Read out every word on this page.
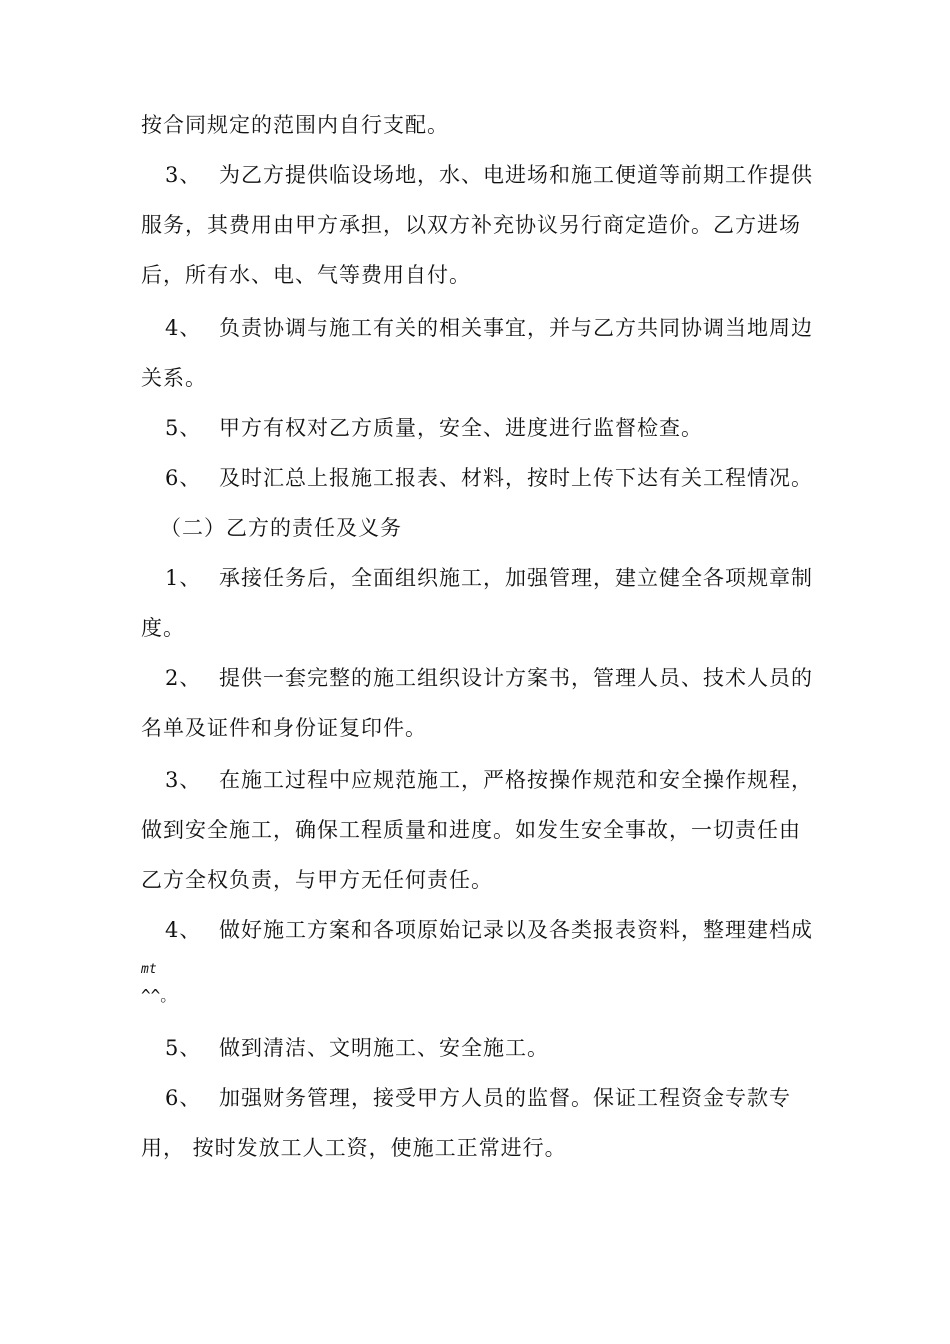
按合同规定的范围内自行支配。
3、 为乙方提供临设场地，水、电进场和施工便道等前期工作提供
服务，其费用由甲方承担，以双方补充协议另行商定造价。乙方进场
后，所有水、电、气等费用自付。
4、 负责协调与施工有关的相关事宜，并与乙方共同协调当地周边
关系。
5、 甲方有权对乙方质量，安全、进度进行监督检查。
6、 及时汇总上报施工报表、材料，按时上传下达有关工程情况。
（二）乙方的责任及义务
1、 承接任务后，全面组织施工，加强管理，建立健全各项规章制
度。
2、 提供一套完整的施工组织设计方案书，管理人员、技术人员的
名单及证件和身份证复印件。
3、 在施工过程中应规范施工，严格按操作规范和安全操作规程，
做到安全施工，确保工程质量和进度。如发生安全事故，一切责任由
乙方全权负责，与甲方无任何责任。
4、 做好施工方案和各项原始记录以及各类报表资料，整理建档成
mt
^^。
5、 做到清洁、文明施工、安全施工。
6、 加强财务管理，接受甲方人员的监督。保证工程资金专款专
用， 按时发放工人工资，使施工正常进行。
